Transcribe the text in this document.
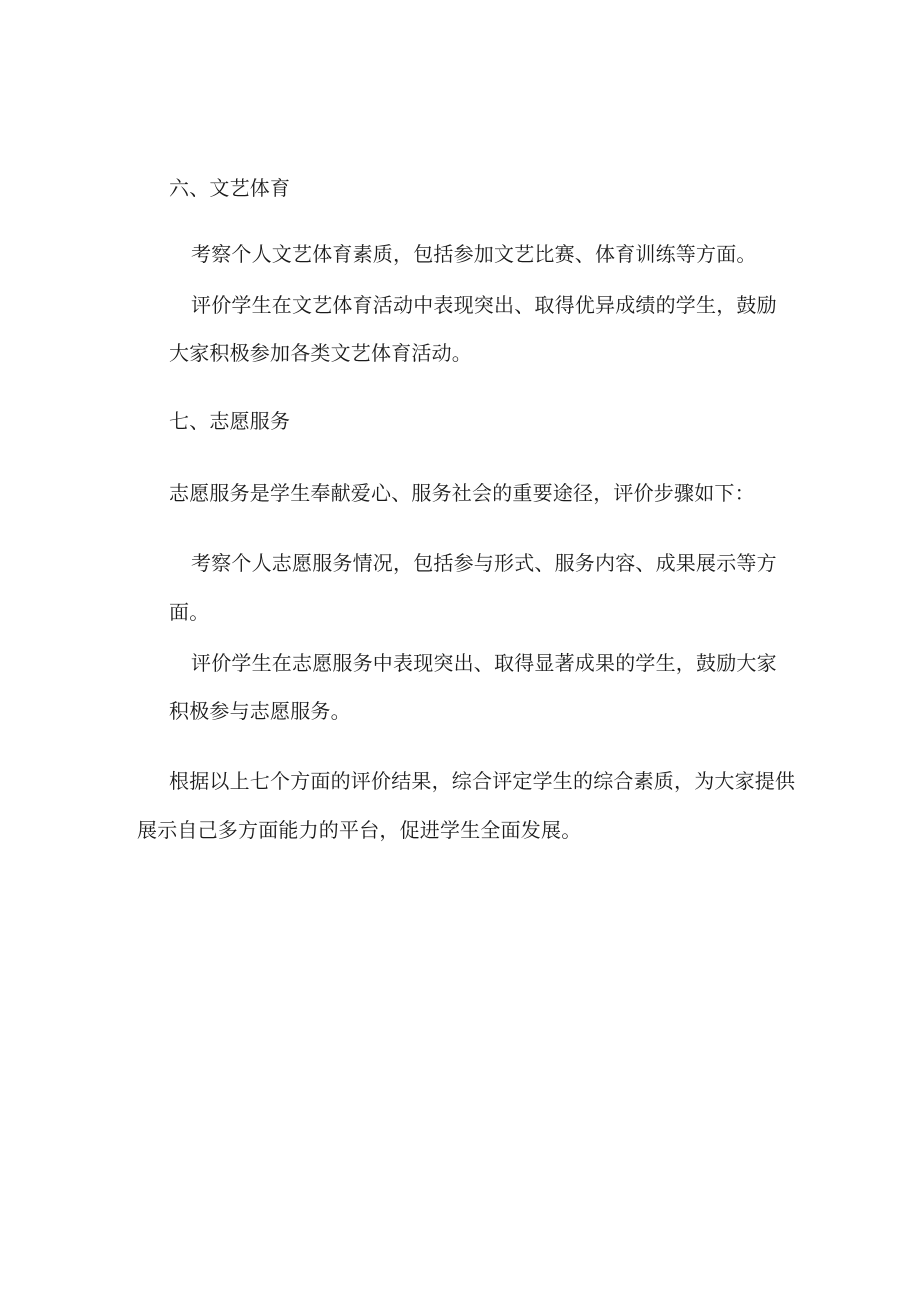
六、文艺体育
考察个人文艺体育素质，包括参加文艺比赛、体育训练等方面。
评价学生在文艺体育活动中表现突出、取得优异成绩的学生，鼓励
大家积极参加各类文艺体育活动。
七、志愿服务
志愿服务是学生奉献爱心、服务社会的重要途径，评价步骤如下：
考察个人志愿服务情况，包括参与形式、服务内容、成果展示等方
面。
评价学生在志愿服务中表现突出、取得显著成果的学生，鼓励大家
积极参与志愿服务。
根据以上七个方面的评价结果，综合评定学生的综合素质，为大家提供
展示自己多方面能力的平台，促进学生全面发展。
